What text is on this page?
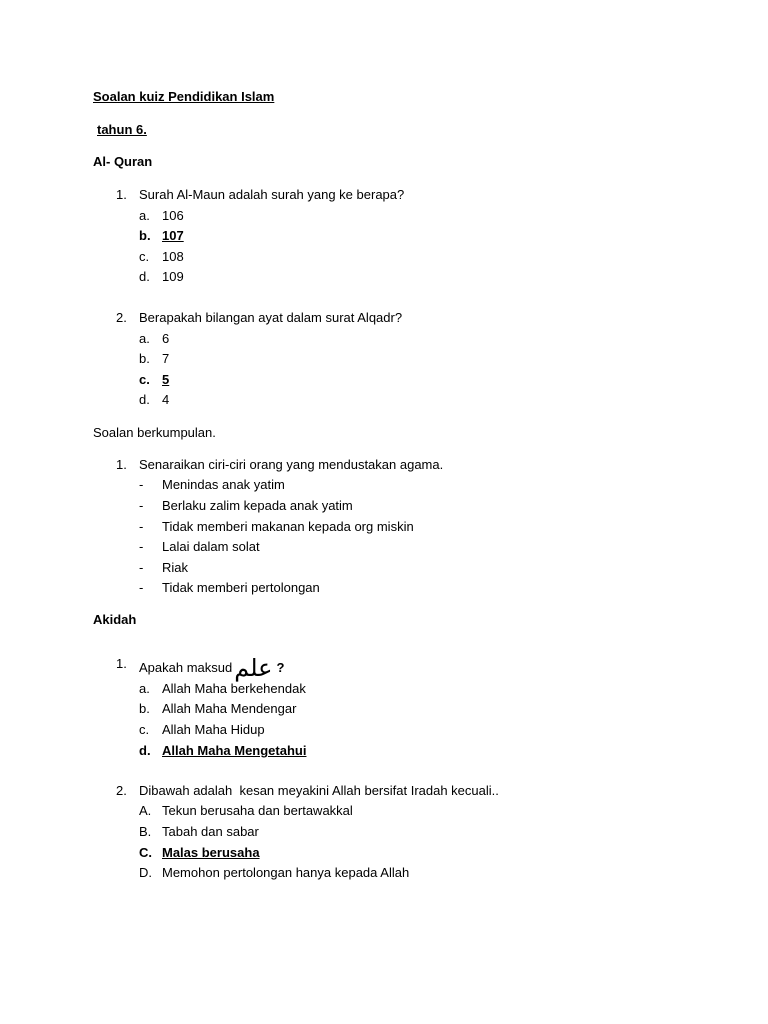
Soalan kuiz Pendidikan Islam
tahun 6.
Al- Quran
1. Surah Al-Maun adalah surah yang ke berapa?
a. 106
b. 107
c. 108
d. 109
2. Berapakah bilangan ayat dalam surat Alqadr?
a. 6
b. 7
c. 5
d. 4
Soalan berkumpulan.
1. Senaraikan ciri-ciri orang yang mendustakan agama.
- Menindas anak yatim
- Berlaku zalim kepada anak yatim
- Tidak memberi makanan kepada org miskin
- Lalai dalam solat
- Riak
- Tidak memberi pertolongan
Akidah
1. Apakah maksudعلم ?
a. Allah Maha berkehendak
b. Allah Maha Mendengar
c. Allah Maha Hidup
d. Allah Maha Mengetahui
2. Dibawah adalah  kesan meyakini Allah bersifat Iradah kecuali..
A. Tekun berusaha dan bertawakkal
B. Tabah dan sabar
C. Malas berusaha
D. Memohon pertolongan hanya kepada Allah
